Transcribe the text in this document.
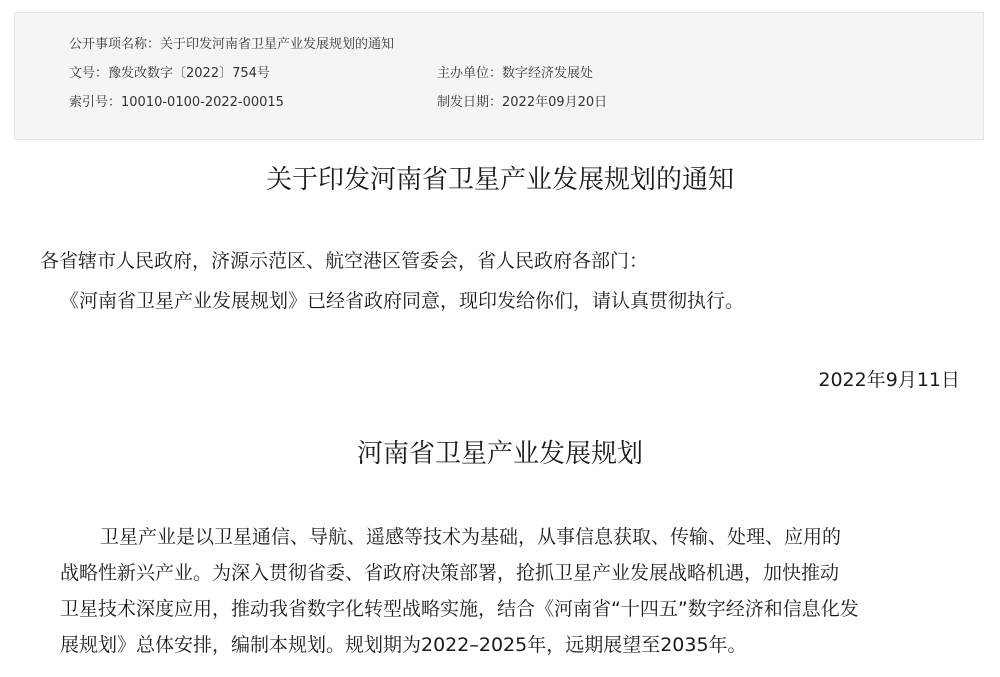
公开事项名称：关于印发河南省卫星产业发展规划的通知
文号：豫发改数字〔2022〕754号	主办单位：数字经济发展处
索引号：10010-0100-2022-00015	制发日期：2022年09月20日
关于印发河南省卫星产业发展规划的通知
各省辖市人民政府，济源示范区、航空港区管委会，省人民政府各部门：
《河南省卫星产业发展规划》已经省政府同意，现印发给你们，请认真贯彻执行。
2022年9月11日
河南省卫星产业发展规划
卫星产业是以卫星通信、导航、遥感等技术为基础，从事信息获取、传输、处理、应用的
战略性新兴产业。为深入贯彻省委、省政府决策部署，抢抓卫星产业发展战略机遇，加快推动
卫星技术深度应用，推动我省数字化转型战略实施，结合《河南省“十四五”数字经济和信息化发
展规划》总体安排，编制本规划。规划期为2022–2025年，远期展望至2035年。
